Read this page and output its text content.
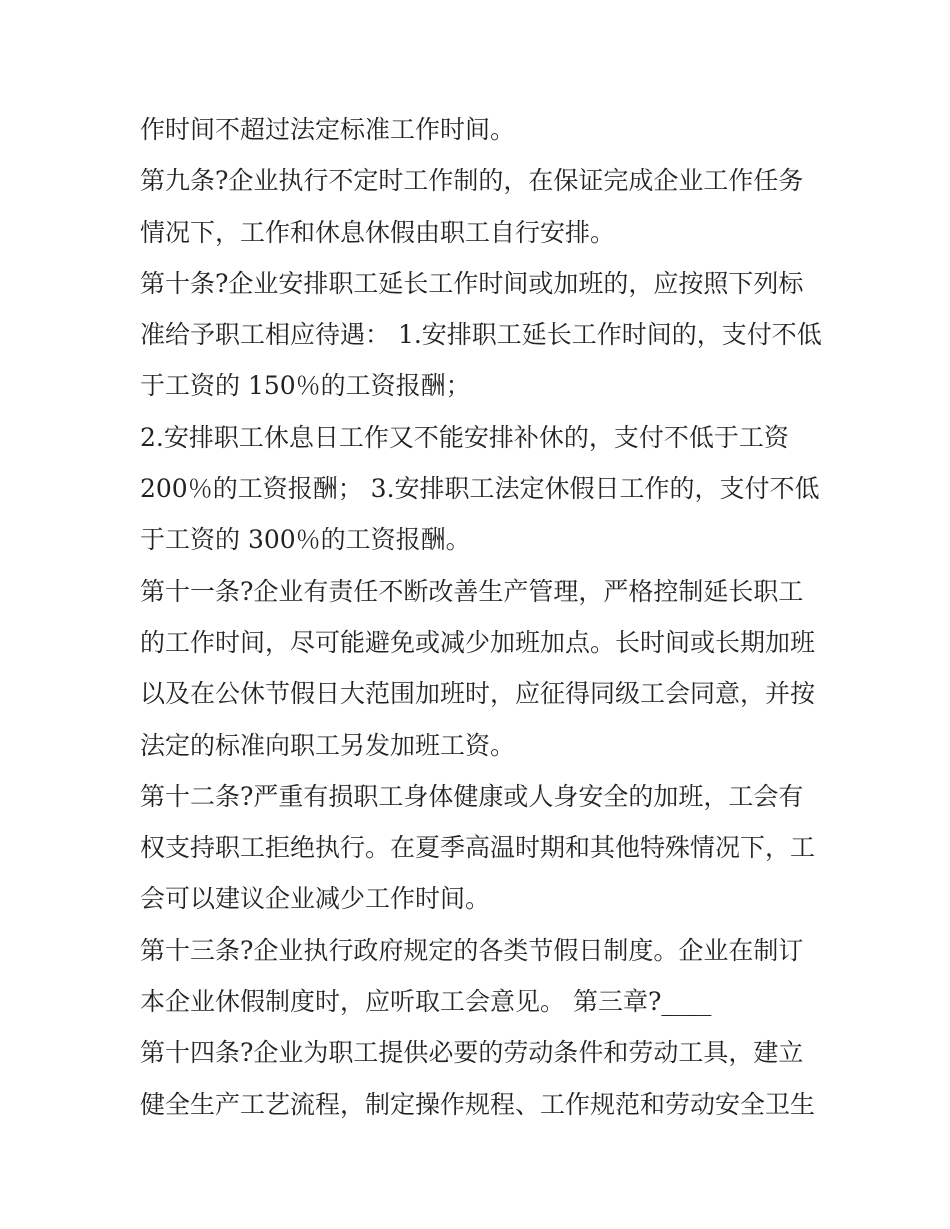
作时间不超过法定标准工作时间。
第九条?企业执行不定时工作制的，在保证完成企业工作任务
情况下，工作和休息休假由职工自行安排。
第十条?企业安排职工延长工作时间或加班的，应按照下列标
准给予职工相应待遇： 1.安排职工延长工作时间的，支付不低
于工资的 150％的工资报酬；
2.安排职工休息日工作又不能安排补休的，支付不低于工资
200％的工资报酬； 3.安排职工法定休假日工作的，支付不低
于工资的 300％的工资报酬。
第十一条?企业有责任不断改善生产管理，严格控制延长职工
的工作时间，尽可能避免或减少加班加点。长时间或长期加班
以及在公休节假日大范围加班时，应征得同级工会同意，并按
法定的标准向职工另发加班工资。
第十二条?严重有损职工身体健康或人身安全的加班，工会有
权支持职工拒绝执行。在夏季高温时期和其他特殊情况下，工
会可以建议企业减少工作时间。
第十三条?企业执行政府规定的各类节假日制度。企业在制订
本企业休假制度时，应听取工会意见。 第三章?____
第十四条?企业为职工提供必要的劳动条件和劳动工具，建立
健全生产工艺流程，制定操作规程、工作规范和劳动安全卫生
